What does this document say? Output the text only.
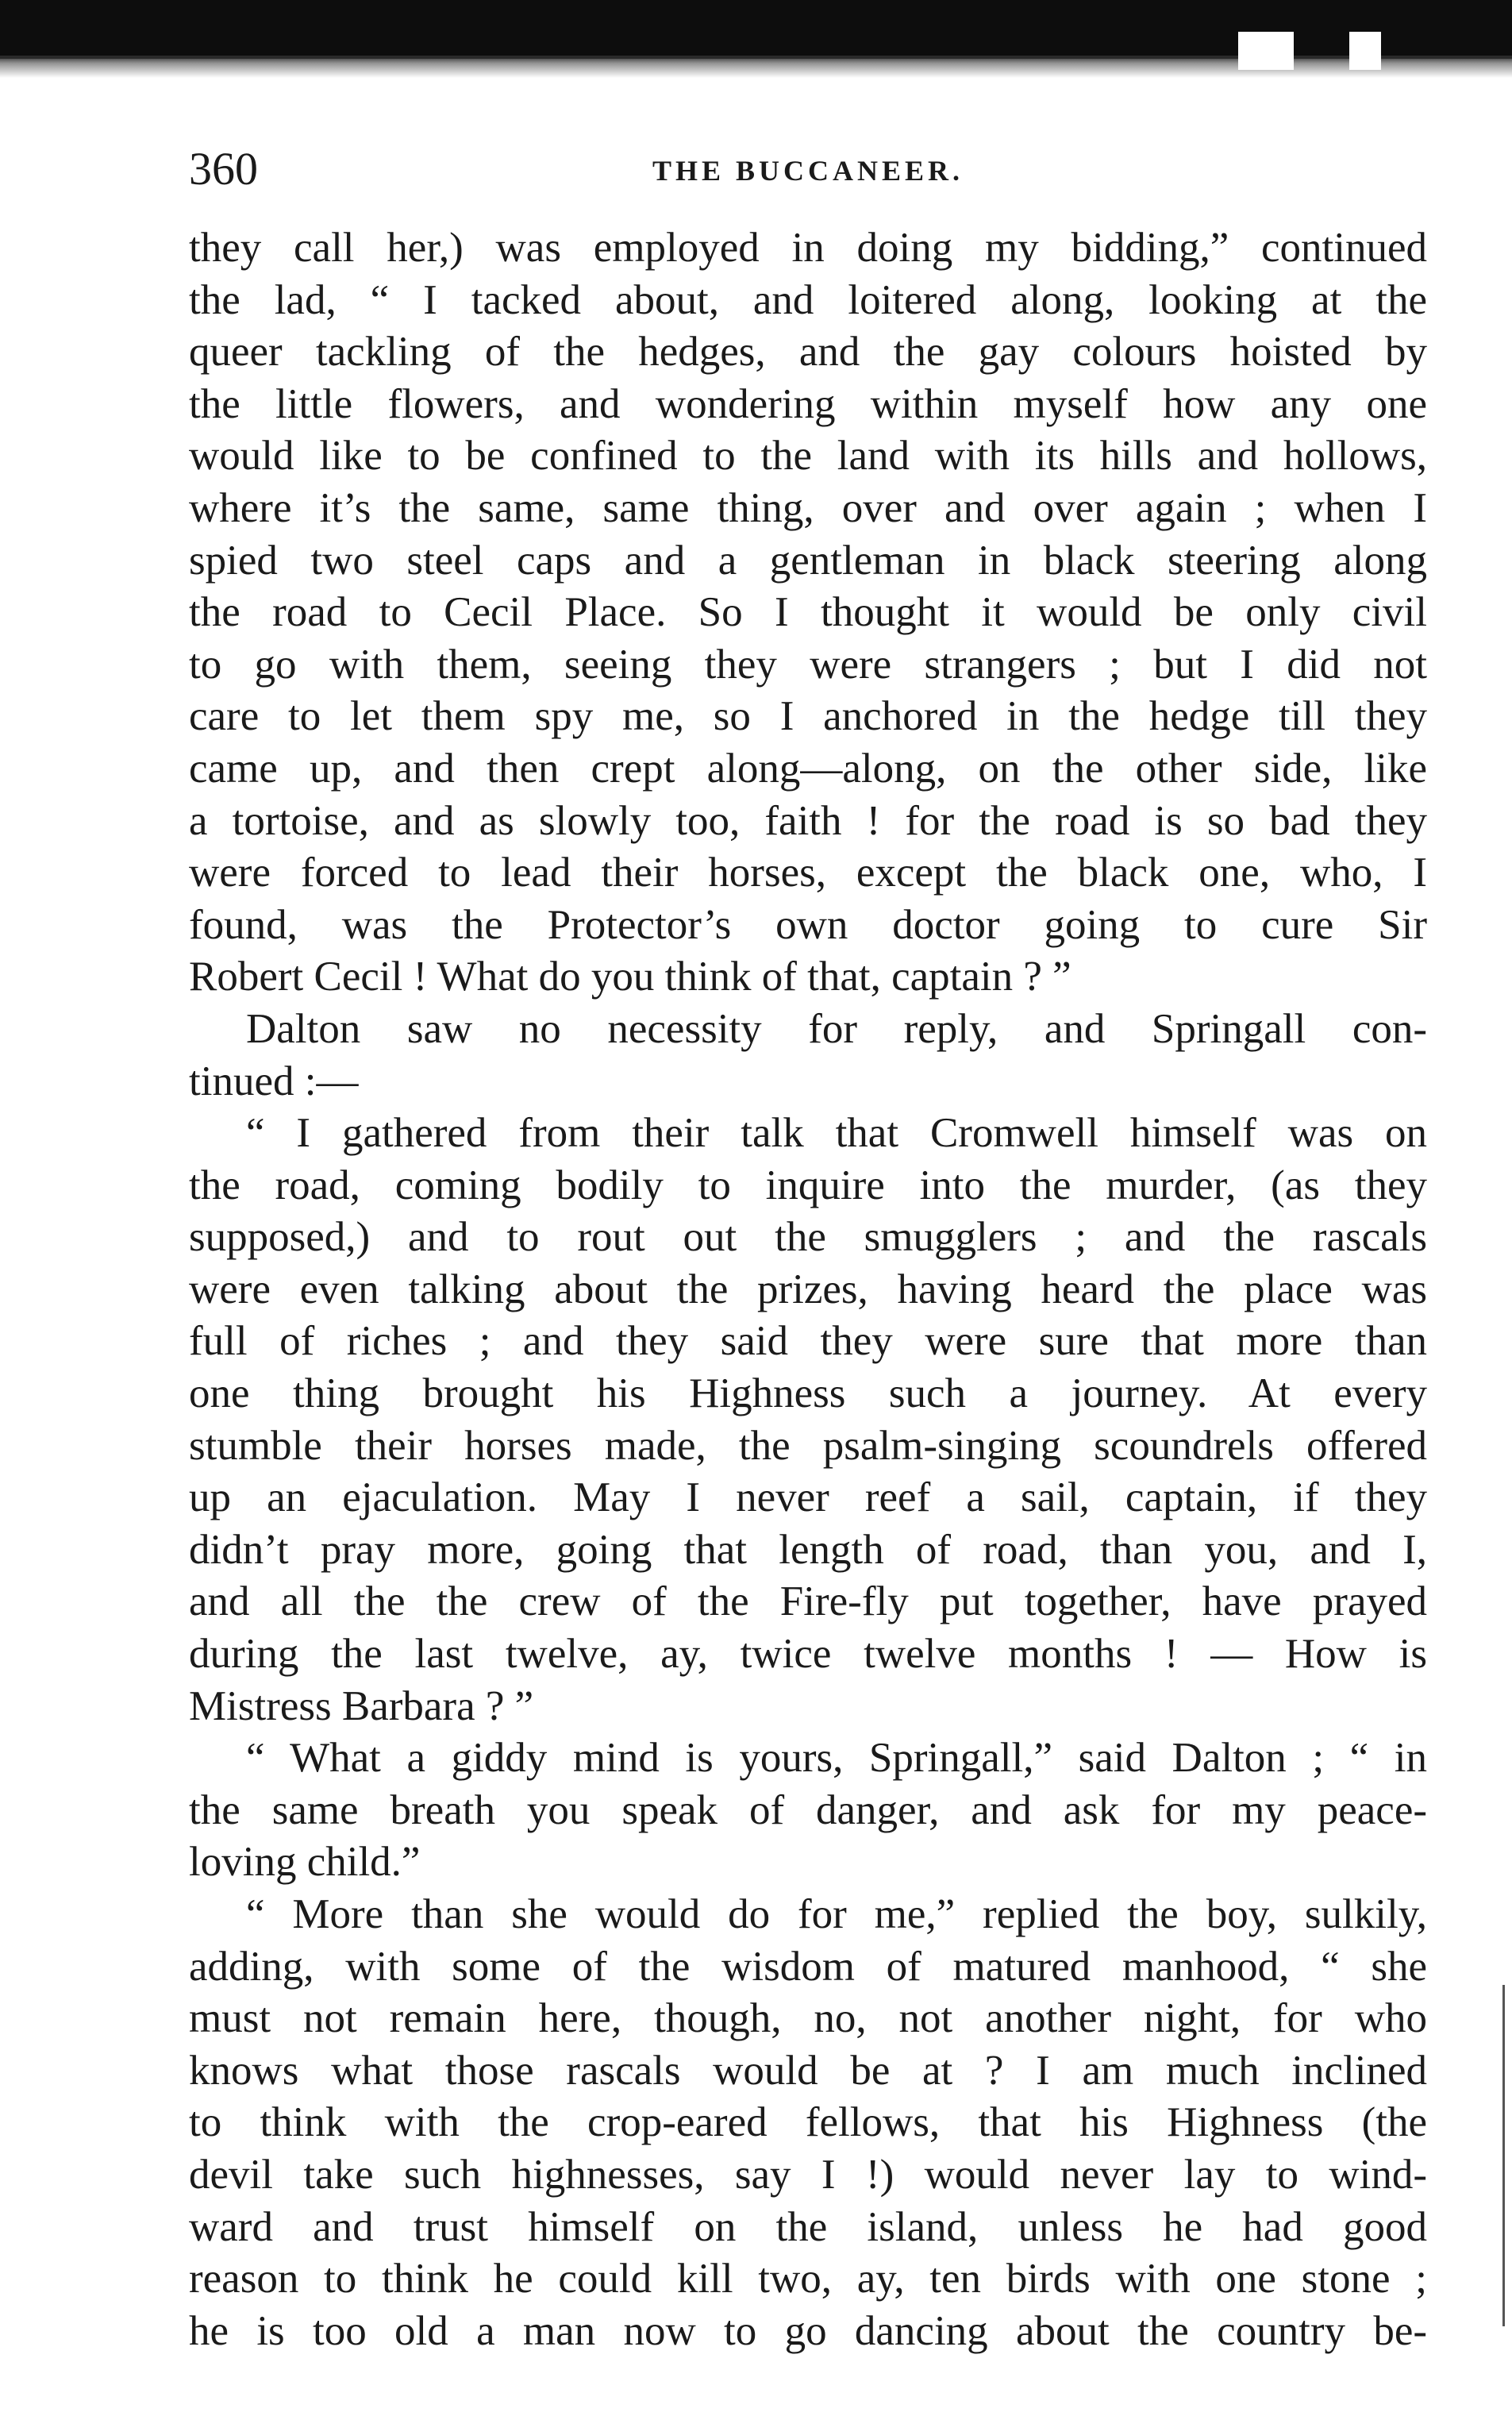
360	THE BUCCANEER.
they call her,) was employed in doing my bidding,” continued
the lad, “ I tacked about, and loitered along, looking at the
queer tackling of the hedges, and the gay colours hoisted by
the little flowers, and wondering within myself how any one
would like to be confined to the land with its hills and hollows,
where it’s the same, same thing, over and over again ; when I
spied two steel caps and a gentleman in black steering along
the road to Cecil Place. So I thought it would be only civil
to go with them, seeing they were strangers ; but I did not
care to let them spy me, so I anchored in the hedge till they
came up, and then crept along—along, on the other side, like
a tortoise, and as slowly too, faith ! for the road is so bad they
were forced to lead their horses, except the black one, who, I
found, was the Protector’s own doctor going to cure Sir
Robert Cecil ! What do you think of that, captain ? ”
Dalton saw no necessity for reply, and Springall con-
tinued :—
“ I gathered from their talk that Cromwell himself was on
the road, coming bodily to inquire into the murder, (as they
supposed,) and to rout out the smugglers ; and the rascals
were even talking about the prizes, having heard the place was
full of riches ; and they said they were sure that more than
one thing brought his Highness such a journey. At every
stumble their horses made, the psalm-singing scoundrels offered
up an ejaculation. May I never reef a sail, captain, if they
didn’t pray more, going that length of road, than you, and I,
and all the the crew of the Fire-fly put together, have prayed
during the last twelve, ay, twice twelve months ! — How is
Mistress Barbara ? ”
“ What a giddy mind is yours, Springall,” said Dalton ; “ in
the same breath you speak of danger, and ask for my peace-
loving child.”
“ More than she would do for me,” replied the boy, sulkily,
adding, with some of the wisdom of matured manhood, “ she
must not remain here, though, no, not another night, for who
knows what those rascals would be at ? I am much inclined
to think with the crop-eared fellows, that his Highness (the
devil take such highnesses, say I !) would never lay to wind-
ward and trust himself on the island, unless he had good
reason to think he could kill two, ay, ten birds with one stone ;
he is too old a man now to go dancing about the country be-
